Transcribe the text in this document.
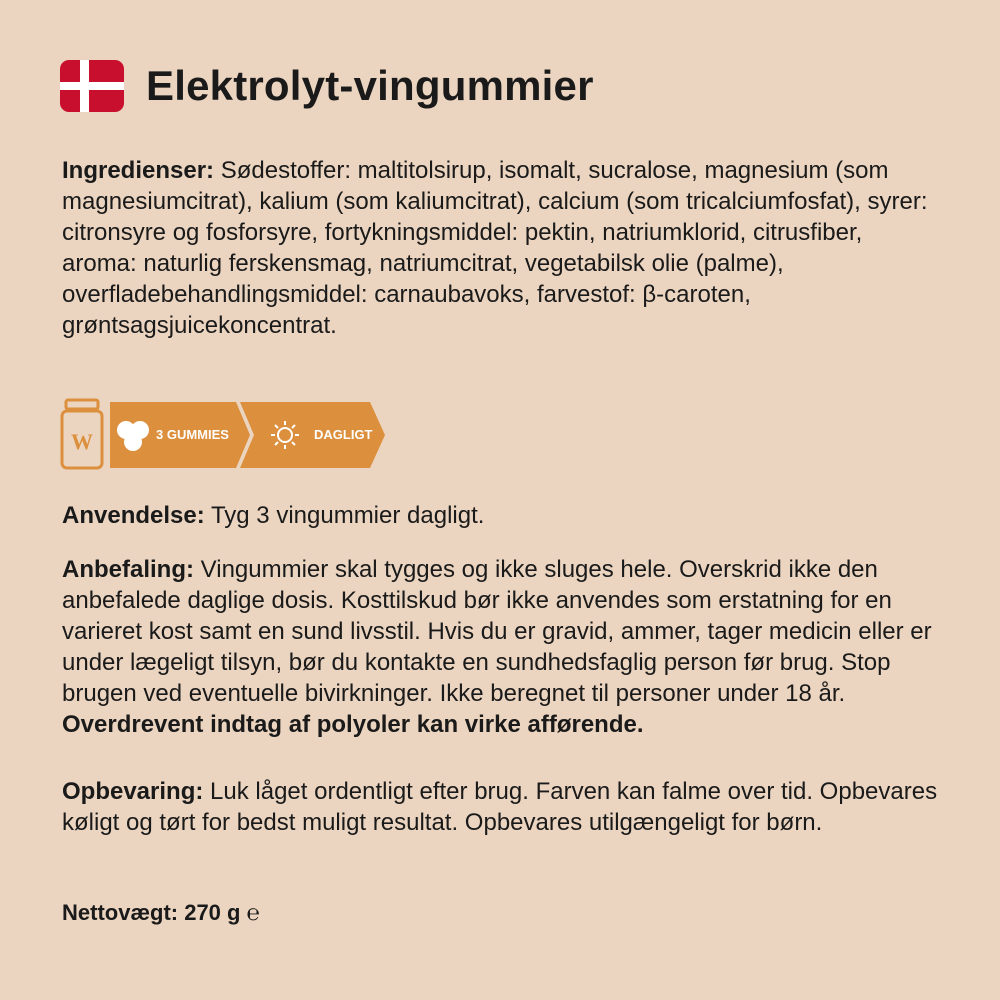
Elektrolyt-vingummier

Ingredienser: Sødestoffer: maltitolsirup, isomalt, sucralose, magnesium (som magnesiumcitrat), kalium (som kaliumcitrat), calcium (som tricalciumfosfat), syrer: citronsyre og fosforsyre, fortykningsmiddel: pektin, natriumklorid, citrusfiber, aroma: naturlig ferskensmag, natriumcitrat, vegetabilsk olie (palme), overfladebehandlingsmiddel: carnaubavoks, farvestof: β-caroten, grøntsagsjuicekoncentrat.

W	3 GUMMIES	DAGLIGT

Anvendelse: Tyg 3 vingummier dagligt.

Anbefaling: Vingummier skal tygges og ikke sluges hele. Overskrid ikke den anbefalede daglige dosis. Kosttilskud bør ikke anvendes som erstatning for en varieret kost samt en sund livsstil. Hvis du er gravid, ammer, tager medicin eller er under lægeligt tilsyn, bør du kontakte en sundhedsfaglig person før brug. Stop brugen ved eventuelle bivirkninger. Ikke beregnet til personer under 18 år. Overdrevent indtag af polyoler kan virke afførende.

Opbevaring: Luk låget ordentligt efter brug. Farven kan falme over tid. Opbevares køligt og tørt for bedst muligt resultat. Opbevares utilgængeligt for børn.

Nettovægt: 270 g ℮
